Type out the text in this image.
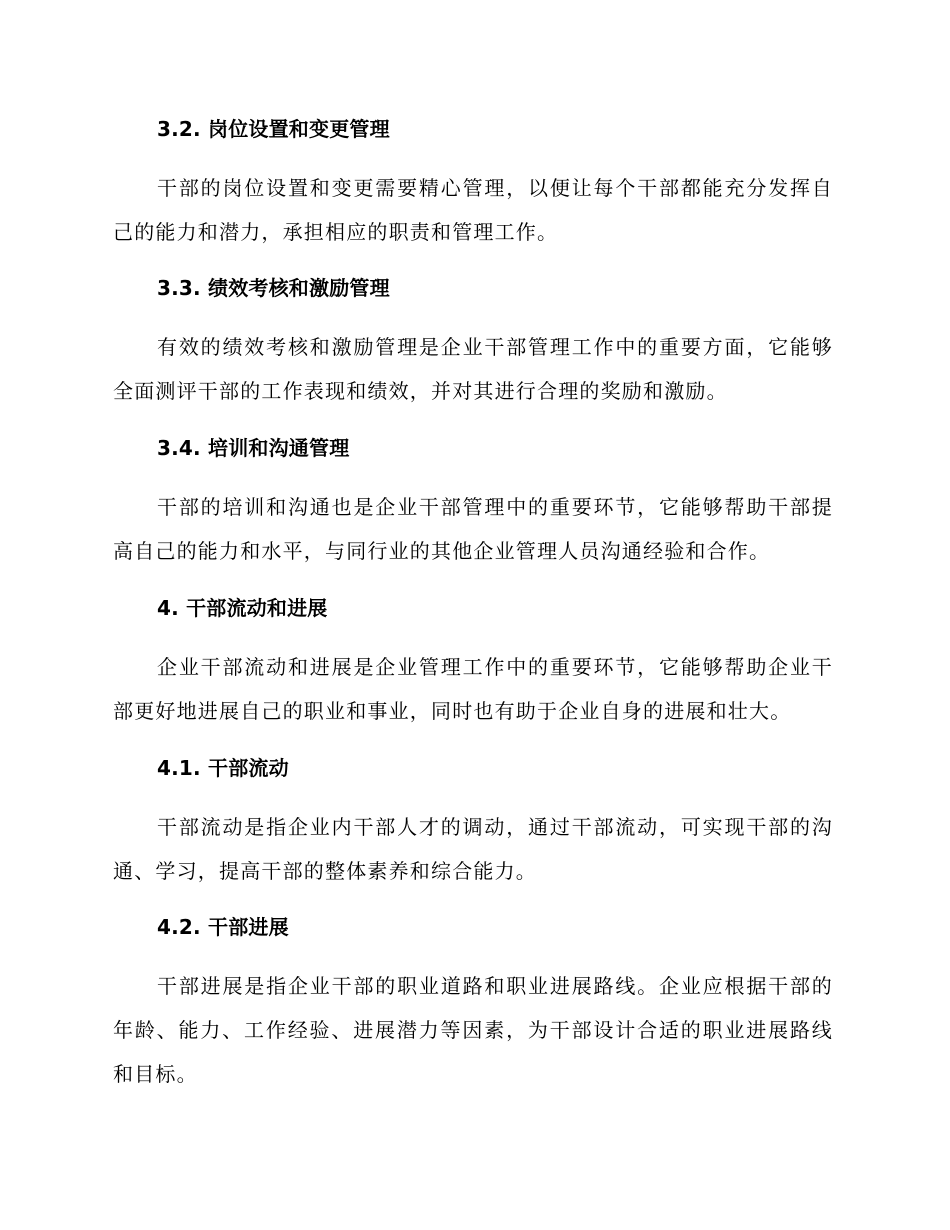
3.2. 岗位设置和变更管理
干部的岗位设置和变更需要精心管理，以便让每个干部都能充分发挥自己的能力和潜力，承担相应的职责和管理工作。
3.3. 绩效考核和激励管理
有效的绩效考核和激励管理是企业干部管理工作中的重要方面，它能够全面测评干部的工作表现和绩效，并对其进行合理的奖励和激励。
3.4. 培训和沟通管理
干部的培训和沟通也是企业干部管理中的重要环节，它能够帮助干部提高自己的能力和水平，与同行业的其他企业管理人员沟通经验和合作。
4. 干部流动和进展
企业干部流动和进展是企业管理工作中的重要环节，它能够帮助企业干部更好地进展自己的职业和事业，同时也有助于企业自身的进展和壮大。
4.1. 干部流动
干部流动是指企业内干部人才的调动，通过干部流动，可实现干部的沟通、学习，提高干部的整体素养和综合能力。
4.2. 干部进展
干部进展是指企业干部的职业道路和职业进展路线。企业应根据干部的年龄、能力、工作经验、进展潜力等因素，为干部设计合适的职业进展路线和目标。
